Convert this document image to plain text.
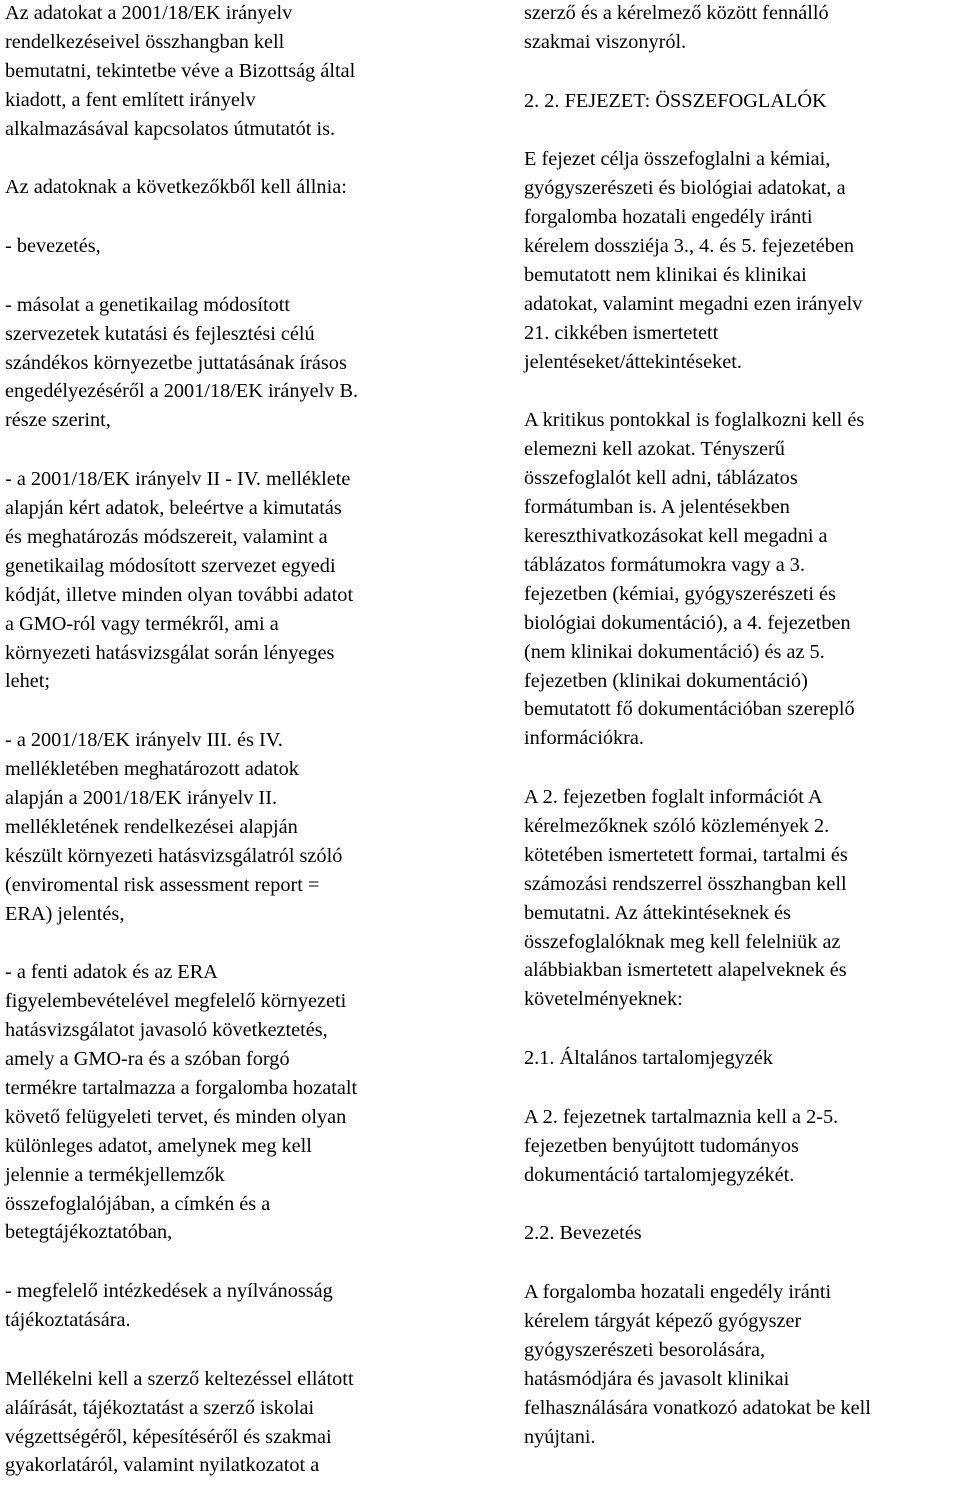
Az adatokat a 2001/18/EK irányelv
rendelkezéseivel összhangban kell
bemutatni, tekintetbe véve a Bizottság által
kiadott, a fent említett irányelv
alkalmazásával kapcsolatos útmutatót is.

Az adatoknak a következőkből kell állnia:

- bevezetés,

- másolat a genetikailag módosított
szervezetek kutatási és fejlesztési célú
szándékos környezetbe juttatásának írásos
engedélyezéséről a 2001/18/EK irányelv B.
része szerint,

- a 2001/18/EK irányelv II - IV. melléklete
alapján kért adatok, beleértve a kimutatás
és meghatározás módszereit, valamint a
genetikailag módosított szervezet egyedi
kódját, illetve minden olyan további adatot
a GMO-ról vagy termékről, ami a
környezeti hatásvizsgálat során lényeges
lehet;

- a 2001/18/EK irányelv III. és IV.
mellékletében meghatározott adatok
alapján a 2001/18/EK irányelv II.
mellékletének rendelkezései alapján
készült környezeti hatásvizsgálatról szóló
(enviromental risk assessment report =
ERA) jelentés,

- a fenti adatok és az ERA
figyelembevételével megfelelő környezeti
hatásvizsgálatot javasoló következtetés,
amely a GMO-ra és a szóban forgó
termékre tartalmazza a forgalomba hozatalt
követő felügyeleti tervet, és minden olyan
különleges adatot, amelynek meg kell
jelennie a termékjellemzők
összefoglalójában, a címkén és a
betegtájékoztatóban,

- megfelelő intézkedések a nyílvánosság
tájékoztatására.

Mellékelni kell a szerző keltezéssel ellátott
aláírását, tájékoztatást a szerző iskolai
végzettségéről, képesítéséről és szakmai
gyakorlatáról, valamint nyilatkozatot a

szerző és a kérelmező között fennálló
szakmai viszonyról.

2. 2. FEJEZET: ÖSSZEFOGLALÓK

E fejezet célja összefoglalni a kémiai,
gyógyszerészeti és biológiai adatokat, a
forgalomba hozatali engedély iránti
kérelem dossziéja 3., 4. és 5. fejezetében
bemutatott nem klinikai és klinikai
adatokat, valamint megadni ezen irányelv
21. cikkében ismertetett
jelentéseket/áttekintéseket.

A kritikus pontokkal is foglalkozni kell és
elemezni kell azokat. Tényszerű
összefoglalót kell adni, táblázatos
formátumban is. A jelentésekben
kereszthivatkozásokat kell megadni a
táblázatos formátumokra vagy a 3.
fejezetben (kémiai, gyógyszerészeti és
biológiai dokumentáció), a 4. fejezetben
(nem klinikai dokumentáció) és az 5.
fejezetben (klinikai dokumentáció)
bemutatott fő dokumentációban szereplő
információkra.

A 2. fejezetben foglalt információt A
kérelmezőknek szóló közlemények 2.
kötetében ismertetett formai, tartalmi és
számozási rendszerrel összhangban kell
bemutatni. Az áttekintéseknek és
összefoglalóknak meg kell felelniük az
alábbiakban ismertetett alapelveknek és
követelményeknek:

2.1. Általános tartalomjegyzék

A 2. fejezetnek tartalmaznia kell a 2-5.
fejezetben benyújtott tudományos
dokumentáció tartalomjegyzékét.

2.2. Bevezetés

A forgalomba hozatali engedély iránti
kérelem tárgyát képező gyógyszer
gyógyszerészeti besorolására,
hatásmódjára és javasolt klinikai
felhasználására vonatkozó adatokat be kell
nyújtani.
